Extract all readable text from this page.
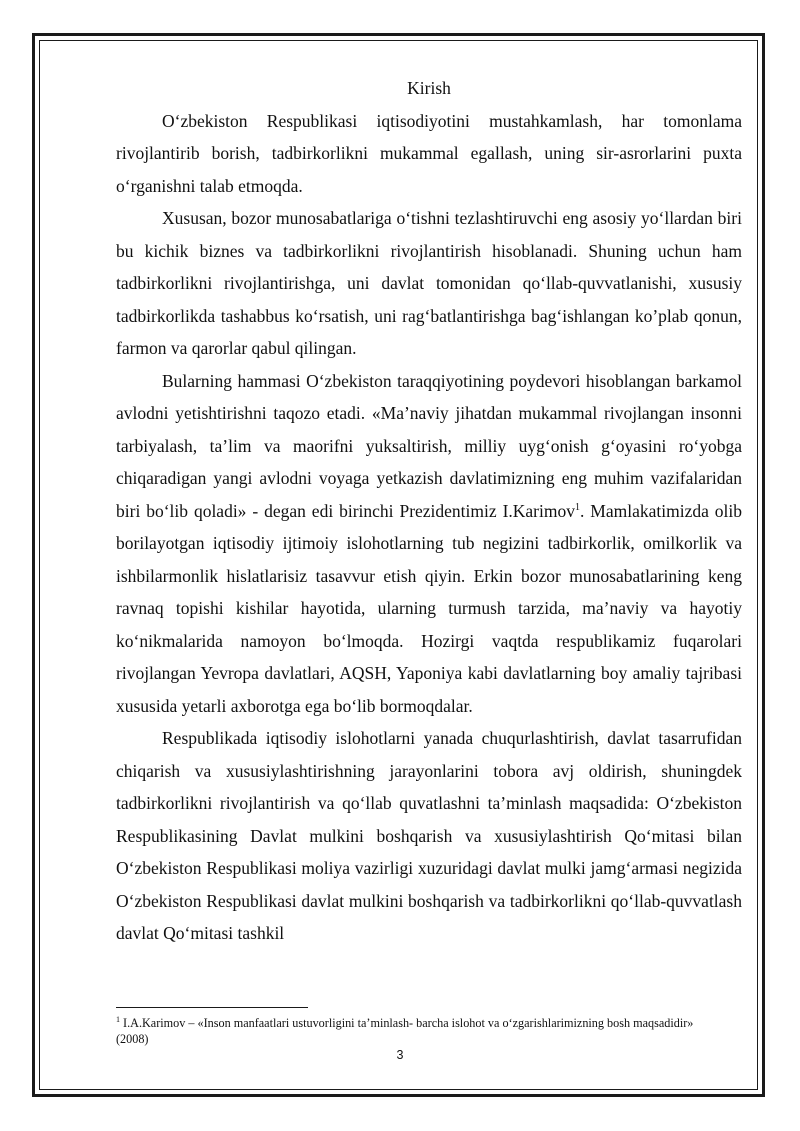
Kirish

O‘zbekiston Respublikasi iqtisodiyotini mustahkamlash, har tomonlama rivojlantirib borish, tadbirkorlikni mukammal egallash, uning sir-asrorlarini puxta o‘rganishni talab etmoqda.

Xususan, bozor munosabatlariga o‘tishni tezlashtiruvchi eng asosiy yo‘llardan biri bu kichik biznes va tadbirkorlikni rivojlantirish hisoblanadi. Shuning uchun ham tadbirkorlikni rivojlantirishga, uni davlat tomonidan qo‘llab-quvvatlanishi, xususiy tadbirkorlikda tashabbus ko‘rsatish, uni rag‘batlantirishga bag‘ishlangan ko’plab qonun, farmon va qarorlar qabul qilingan.

Bularning hammasi O‘zbekiston taraqqiyotining poydevori hisoblangan barkamol avlodni yetishtirishni taqozo etadi. «Ma’naviy jihatdan mukammal rivojlangan insonni tarbiyalash, ta’lim va maorifni yuksaltirish, milliy uyg‘onish g‘oyasini ro‘yobga chiqaradigan yangi avlodni voyaga yetkazish davlatimizning eng muhim vazifalaridan biri bo‘lib qoladi» - degan edi birinchi Prezidentimiz I.Karimov$^1$. Mamlakatimizda olib borilayotgan iqtisodiy ijtimoiy islohotlarning tub negizini tadbirkorlik, omilkorlik va ishbilarmonlik hislatlarisiz tasavvur etish qiyin. Erkin bozor munosabatlarining keng ravnaq topishi kishilar hayotida, ularning turmush tarzida, ma’naviy va hayotiy ko‘nikmalarida namoyon bo‘lmoqda. Hozirgi vaqtda respublikamiz fuqarolari rivojlangan Yevropa davlatlari, AQSH, Yaponiya kabi davlatlarning boy amaliy tajribasi xususida yetarli axborotga ega bo‘lib bormoqdalar.

Respublikada iqtisodiy islohotlarni yanada chuqurlashtirish, davlat tasarrufidan chiqarish va xususiylashtirishning jarayonlarini tobora avj oldirish, shuningdek tadbirkorlikni rivojlantirish va qo‘llab quvatlashni ta’minlash maqsadida: O‘zbekiston Respublikasining Davlat mulkini boshqarish va xususiylashtirish Qo‘mitasi bilan O‘zbekiston Respublikasi moliya vazirligi xuzuridagi davlat mulki jamg‘armasi negizida O‘zbekiston Respublikasi davlat mulkini boshqarish va tadbirkorlikni qo‘llab-quvvatlash davlat Qo‘mitasi tashkil

$^1$ I.A.Karimov – «Inson manfaatlari ustuvorligini ta’minlash- barcha islohot va o‘zgarishlarimizning bosh maqsadidir» (2008)

3
